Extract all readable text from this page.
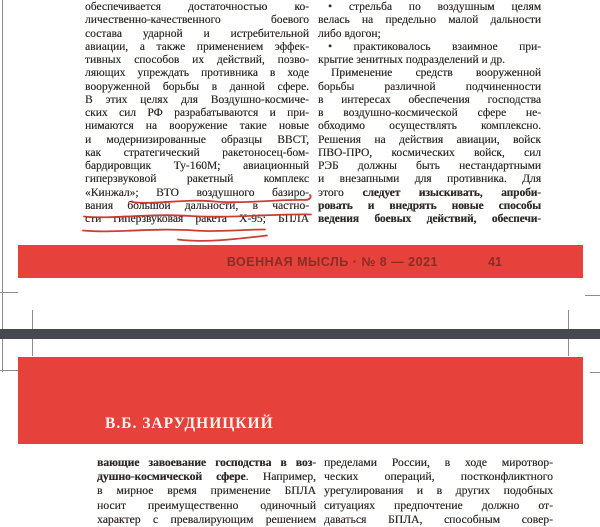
обеспечивается достаточностью ко-
личественно-качественного боевого
состава ударной и истребительной
авиации, а также применением эффек-
тивных способов их действий, позво-
ляющих упреждать противника в ходе
вооруженной борьбы в данной сфере.
В этих целях для Воздушно-космиче-
ских сил РФ разрабатываются и при-
нимаются на вооружение такие новые
и модернизированные образцы ВВСТ,
как стратегический ракетоносец-бом-
бардировщик Ту-160М; авиационный
гиперзвуковой ракетный комплекс
«Кинжал»; ВТО воздушного базиро-
вания большой дальности, в частно-
сти гиперзвуковая ракета Х-95; БПЛА
• стрельба по воздушным целям
велась на предельно малой дальности
либо вдогон;
• практиковалось взаимное при-
крытие зенитных подразделений и др.
Применение средств вооруженной
борьбы различной подчиненности
в интересах обеспечения господства
в воздушно-космической сфере не-
обходимо осуществлять комплексно.
Решения на действия авиации, войск
ПВО-ПРО, космических войск, сил
РЭБ должны быть нестандартными
и внезапными для противника. Для
этого следует изыскивать, апроби-
ровать и внедрять новые способы
ведения боевых действий, обеспечи-
ВОЕННАЯ МЫСЛЬ · № 8 — 2021	41
В.Б. ЗАРУДНИЦКИЙ
вающие завоевание господства в воз-
душно-космической сфере. Например,
в мирное время применение БПЛА
носит преимущественно одиночный
характер с превалирующим решением
пределами России, в ходе миротвор-
ческих операций, постконфликтного
урегулирования и в других подобных
ситуациях предпочтение должно от-
даваться БПЛА, способным совер-
